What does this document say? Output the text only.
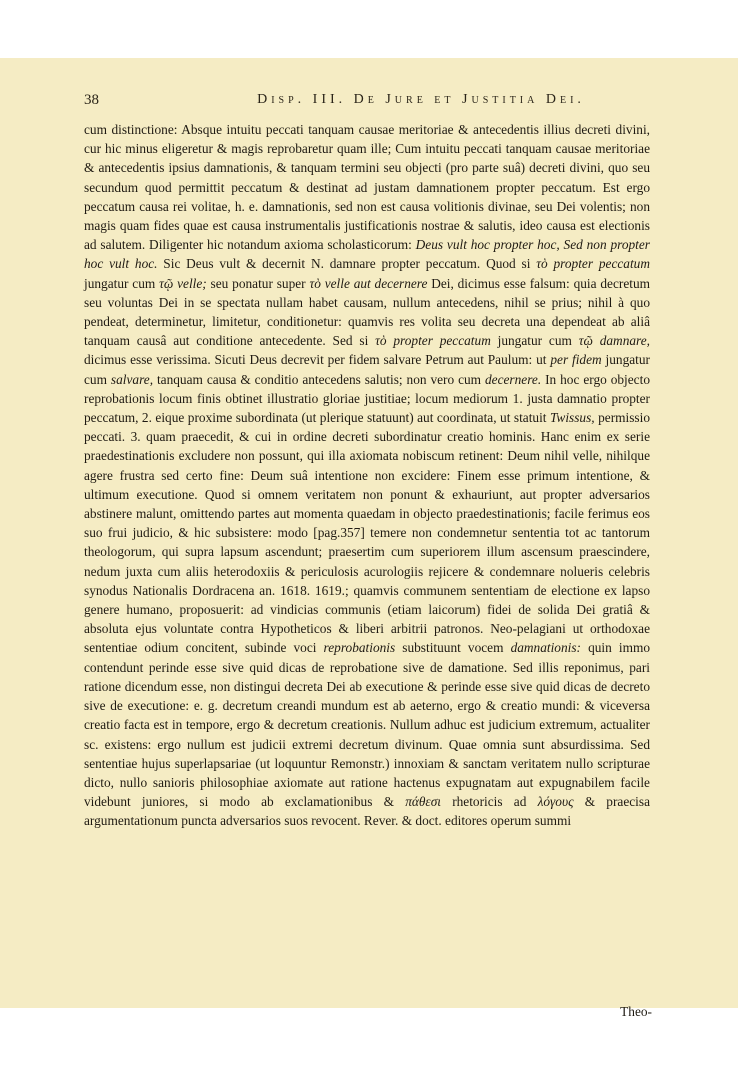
38	Disp. III. De Jure et Justitia Dei.
cum distinctione: Absque intuitu peccati tanquam causae meritoriae & antecedentis illius decreti divini, cur hic minus eligeretur & magis reprobaretur quam ille; Cum intuitu peccati tanquam causae meritoriae & antecedentis ipsius damnationis, & tanquam termini seu objecti (pro parte suâ) decreti divini, quo seu secundum quod permittit peccatum & destinat ad justam damnationem propter peccatum. Est ergo peccatum causa rei volitae, h. e. damnationis, sed non est causa volitionis divinae, seu Dei volentis; non magis quam fides quae est causa instrumentalis justificationis nostrae & salutis, ideo causa est electionis ad salutem. Diligenter hic notandum axioma scholasticorum: Deus vult hoc propter hoc, Sed non propter hoc vult hoc. Sic Deus vult & decernit N. damnare propter peccatum. Quod si τὸ propter peccatum jungatur cum τῷ velle; seu ponatur super τὸ velle aut decernere Dei, dicimus esse falsum: quia decretum seu voluntas Dei in se spectata nullam habet causam, nullum antecedens, nihil se prius; nihil à quo pendeat, determinetur, limitetur, conditionetur: quamvis res volita seu decreta una dependeat ab aliâ tanquam causâ aut conditione antecedente. Sed si τὸ propter peccatum jungatur cum τῷ damnare, dicimus esse verissima. Sicuti Deus decrevit per fidem salvare Petrum aut Paulum: ut per fidem jungatur cum salvare, tanquam causa & conditio antecedens salutis; non vero cum decernere. In hoc ergo objecto reprobationis locum finis obtinet illustratio gloriae justitiae; locum mediorum 1. justa damnatio propter peccatum, 2. eique proxime subordinata (ut plerique statuunt) aut coordinata, ut statuit Twissus, permissio peccati. 3. quam praecedit, & cui in ordine decreti subordinatur creatio hominis. Hanc enim ex serie praedestinationis excludere non possunt, qui illa axiomata nobiscum retinent: Deum nihil velle, nihilque agere frustra sed certo fine: Deum suâ intentione non excidere: Finem esse primum intentione, & ultimum executione. Quod si omnem veritatem non ponunt & exhauriunt, aut propter adversarios abstinere malunt, omittendo partes aut momenta quaedam in objecto praedestinationis; facile ferimus eos suo frui judicio, & hic subsistere: modo [pag.357] temere non condemnetur sententia tot ac tantorum theologorum, qui supra lapsum ascendunt; praesertim cum superiorem illum ascensum praescindere, nedum juxta cum aliis heterodoxiis & periculosis acurologiis rejicere & condemnare nolueris celebris synodus Nationalis Dordracena an. 1618. 1619.; quamvis communem sententiam de electione ex lapso genere humano, proposuerit: ad vindicias communis (etiam laicorum) fidei de solida Dei gratiâ & absoluta ejus voluntate contra Hypotheticos & liberi arbitrii patronos. Neo-pelagiani ut orthodoxae sententiae odium concitent, subinde voci reprobationis substituunt vocem damnationis: quin immo contendunt perinde esse sive quid dicas de reprobatione sive de damatione. Sed illis reponimus, pari ratione dicendum esse, non distingui decreta Dei ab executione & perinde esse sive quid dicas de decreto sive de executione: e. g. decretum creandi mundum est ab aeterno, ergo & creatio mundi: & viceversa creatio facta est in tempore, ergo & decretum creationis. Nullum adhuc est judicium extremum, actualiter sc. existens: ergo nullum est judicii extremi decretum divinum. Quae omnia sunt absurdissima. Sed sententiae hujus superlapsariae (ut loquuntur Remonstr.) innoxiam & sanctam veritatem nullo scripturae dicto, nullo sanioris philosophiae axiomate aut ratione hactenus expugnatam aut expugnabilem facile videbunt juniores, si modo ab exclamationibus & πάθεσι rhetoricis ad λόγους & praecisa argumentationum puncta adversarios suos revocent. Rever. & doct. editores operum summi
Theo-
